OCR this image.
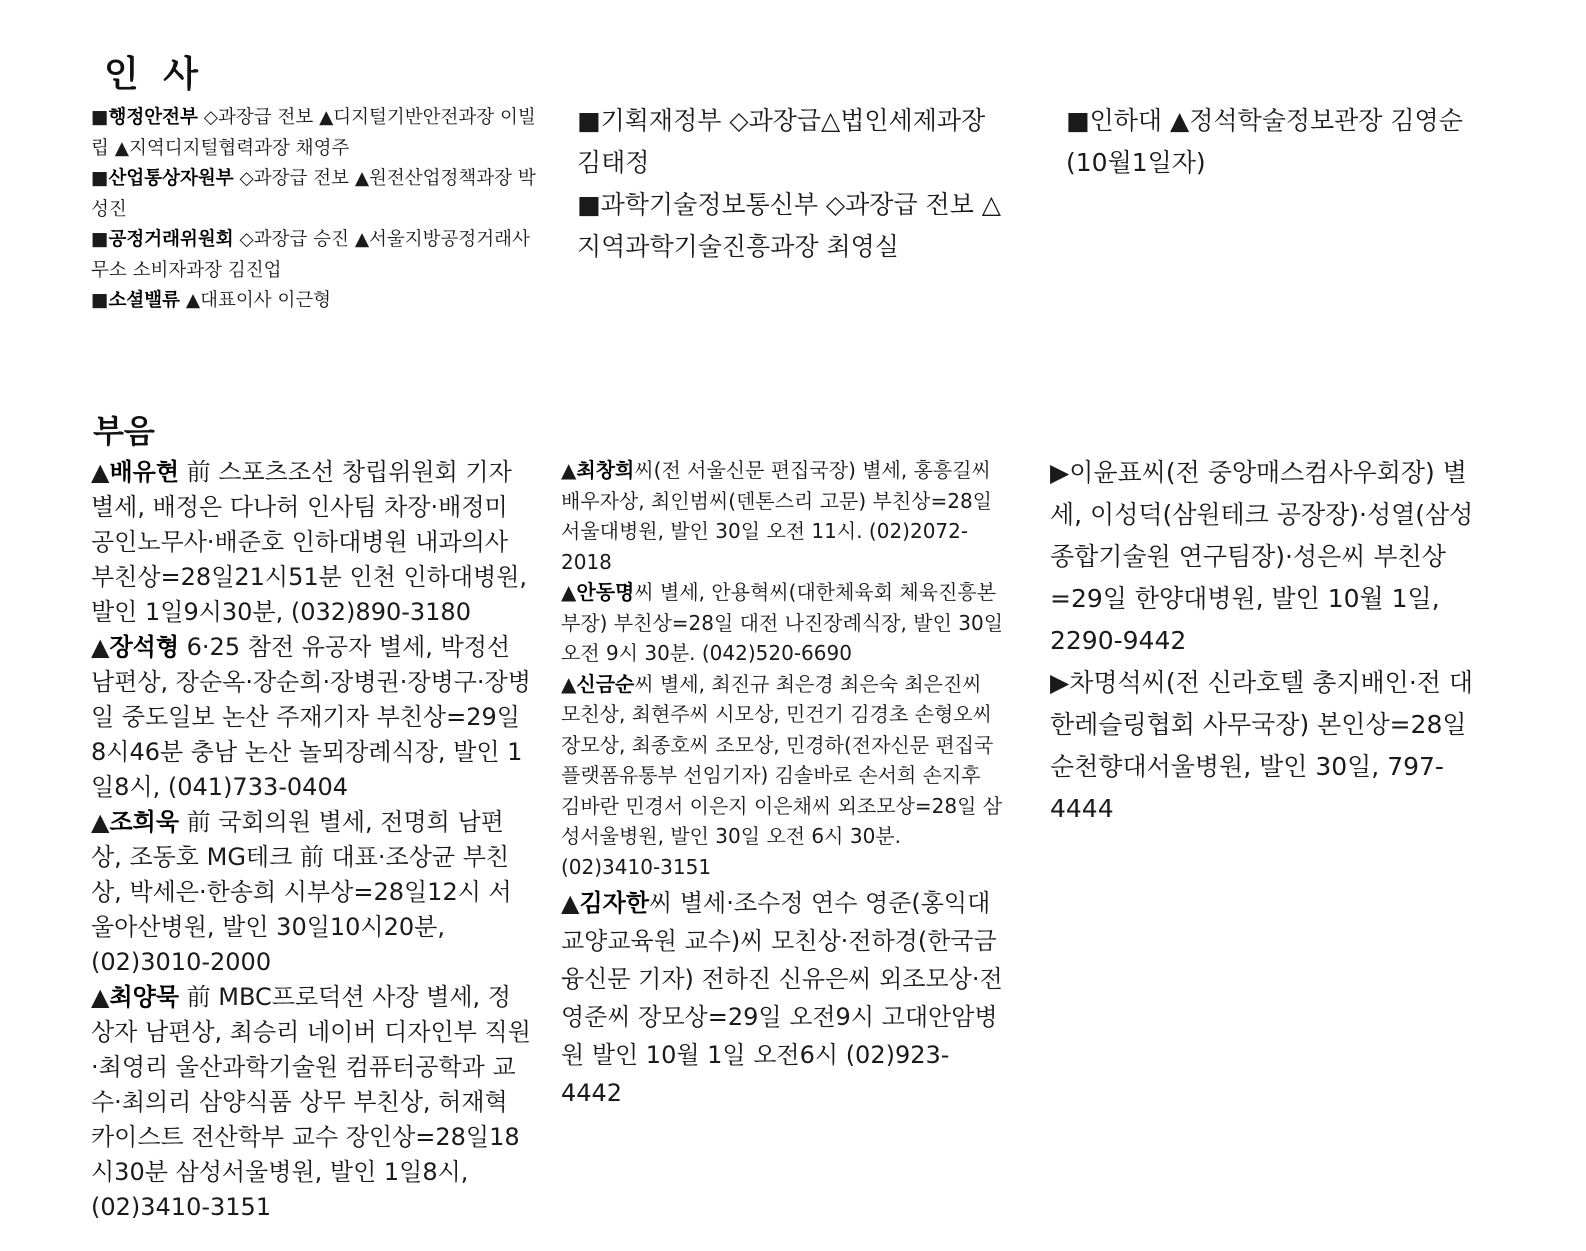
인 사

■행정안전부 ◇과장급 전보 ▲디지털기반안전과장 이빌립 ▲지역디지털협력과장 채영주

■산업통상자원부 ◇과장급 전보 ▲원전산업정책과장 박성진

■공정거래위원회 ◇과장급 승진 ▲서울지방공정거래사무소 소비자과장 김진업

■소셜밸류 ▲대표이사 이근형

■기획재정부 ◇과장급△법인세제과장 김태정

■과학기술정보통신부 ◇과장급 전보 △지역과학기술진흥과장 최영실

■인하대 ▲정석학술정보관장 김영순 (10월1일자)

부음

▲배유현 前 스포츠조선 창립위원회 기자 별세, 배정은 다나허 인사팀 차장·배정미 공인노무사·배준호 인하대병원 내과의사 부친상=28일21시51분 인천 인하대병원, 발인 1일9시30분, (032)890-3180

▲장석형 6·25 참전 유공자 별세, 박정선 남편상, 장순옥·장순희·장병권·장병구·장병일 중도일보 논산 주재기자 부친상=29일8시46분 충남 논산 놀뫼장례식장, 발인 1일8시, (041)733-0404

▲조희욱 前 국회의원 별세, 전명희 남편상, 조동호 MG테크 前 대표·조상균 부친상, 박세은·한송희 시부상=28일12시 서울아산병원, 발인 30일10시20분, (02)3010-2000

▲최양묵 前 MBC프로덕션 사장 별세, 정상자 남편상, 최승리 네이버 디자인부 직원·최영리 울산과학기술원 컴퓨터공학과 교수·최의리 삼양식품 상무 부친상, 허재혁 카이스트 전산학부 교수 장인상=28일18시30분 삼성서울병원, 발인 1일8시, (02)3410-3151

▲최창희씨(전 서울신문 편집국장) 별세, 홍흥길씨 배우자상, 최인범씨(덴톤스리 고문) 부친상=28일 서울대병원, 발인 30일 오전 11시. (02)2072-2018

▲안동명씨 별세, 안용혁씨(대한체육회 체육진흥본부장) 부친상=28일 대전 나진장례식장, 발인 30일 오전 9시 30분. (042)520-6690

▲신금순씨 별세, 최진규 최은경 최은숙 최은진씨 모친상, 최현주씨 시모상, 민건기 김경초 손형오씨 장모상, 최종호씨 조모상, 민경하(전자신문 편집국 플랫폼유통부 선임기자) 김솔바로 손서희 손지후 김바란 민경서 이은지 이은채씨 외조모상=28일 삼성서울병원, 발인 30일 오전 6시 30분. (02)3410-3151

▲김자한씨 별세·조수정 연수 영준(홍익대 교양교육원 교수)씨 모친상·전하경(한국금융신문 기자) 전하진 신유은씨 외조모상·전영준씨 장모상=29일 오전9시 고대안암병원 발인 10월 1일 오전6시 (02)923-4442

▶이윤표씨(전 중앙매스컴사우회장) 별세, 이성덕(삼원테크 공장장)·성열(삼성종합기술원 연구팀장)·성은씨 부친상=29일 한양대병원, 발인 10월 1일, 2290-9442

▶차명석씨(전 신라호텔 총지배인·전 대한레슬링협회 사무국장) 본인상=28일 순천향대서울병원, 발인 30일, 797-4444
